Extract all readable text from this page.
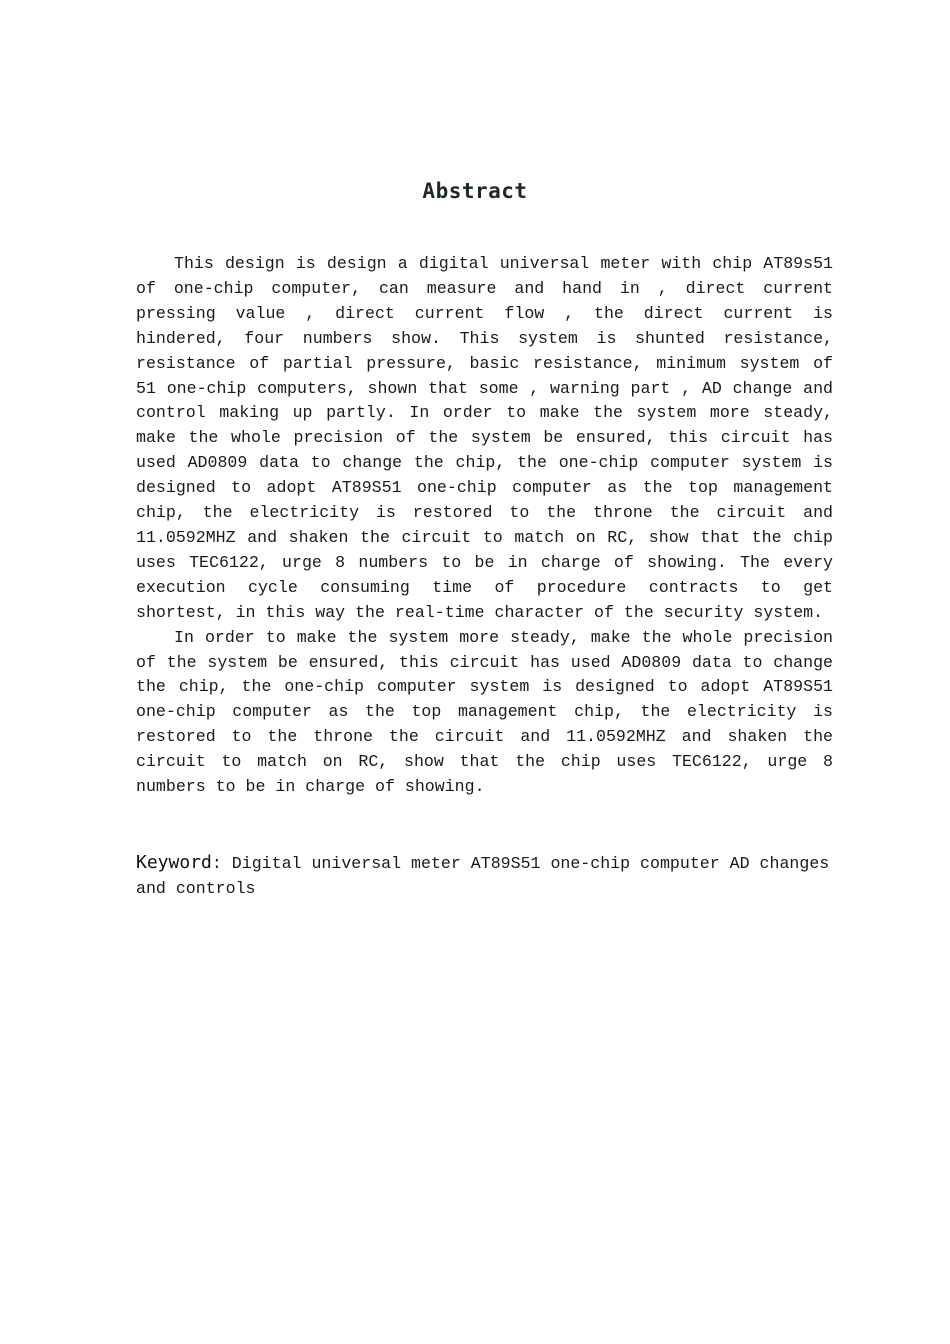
Abstract

This design is design a digital universal meter with chip AT89s51 of one-chip computer, can measure and hand in , direct current pressing value , direct current flow , the direct current is hindered, four numbers show. This system is shunted resistance, resistance of partial pressure, basic resistance, minimum system of 51 one-chip computers, shown that some , warning part , AD change and control making up partly. In order to make the system more steady, make the whole precision of the system be ensured, this circuit has used AD0809 data to change the chip, the one-chip computer system is designed to adopt AT89S51 one-chip computer as the top management chip, the electricity is restored to the throne the circuit and 11.0592MHZ and shaken the circuit to match on RC, show that the chip uses TEC6122, urge 8 numbers to be in charge of showing. The every execution cycle consuming time of procedure contracts to get shortest, in this way the real-time character of the security system.

In order to make the system more steady, make the whole precision of the system be ensured, this circuit has used AD0809 data to change the chip, the one-chip computer system is designed to adopt AT89S51 one-chip computer as the top management chip, the electricity is restored to the throne the circuit and 11.0592MHZ and shaken the circuit to match on RC, show that the chip uses TEC6122, urge 8 numbers to be in charge of showing.

Keyword: Digital universal meter AT89S51 one-chip computer AD changes and controls
